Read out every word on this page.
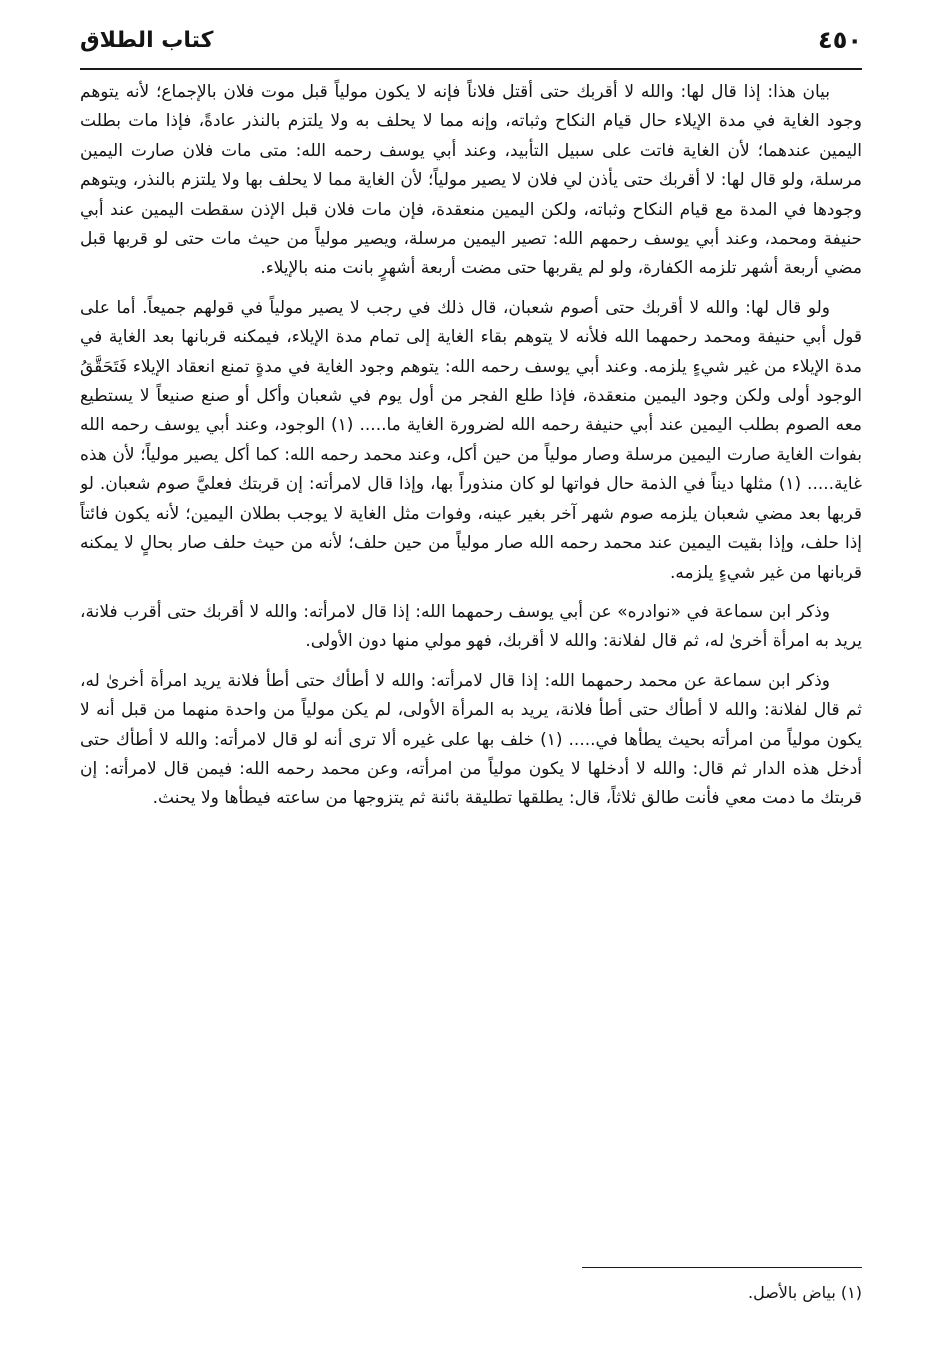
٤٥٠
كتاب الطلاق

بيان هذا: إذا قال لها: والله لا أقربك حتى أقتل فلاناً فإنه لا يكون مولياً قبل موت فلان بالإجماع؛ لأنه يتوهم وجود الغاية في مدة الإيلاء حال قيام النكاح وثباته، وإنه مما لا يحلف به ولا يلتزم بالنذر عادةً، فإذا مات بطلت اليمين عندهما؛ لأن الغاية فاتت على سبيل التأبيد، وعند أبي يوسف رحمه الله: متى مات فلان صارت اليمين مرسلة، ولو قال لها: لا أقربك حتى يأذن لي فلان لا يصير مولياً؛ لأن الغاية مما لا يحلف بها ولا يلتزم بالنذر، ويتوهم وجودها في المدة مع قيام النكاح وثباته، ولكن اليمين منعقدة، فإن مات فلان قبل الإذن سقطت اليمين عند أبي حنيفة ومحمد، وعند أبي يوسف رحمهم الله: تصير اليمين مرسلة، ويصير مولياً من حيث مات حتى لو قربها قبل مضي أربعة أشهر تلزمه الكفارة، ولو لم يقربها حتى مضت أربعة أشهرٍ بانت منه بالإيلاء.

ولو قال لها: والله لا أقربك حتى أصوم شعبان، قال ذلك في رجب لا يصير مولياً في قولهم جميعاً. أما على قول أبي حنيفة ومحمد رحمهما الله فلأنه لا يتوهم بقاء الغاية إلى تمام مدة الإيلاء، فيمكنه قربانها بعد الغاية في مدة الإيلاء من غير شيءٍ يلزمه. وعند أبي يوسف رحمه الله: يتوهم وجود الغاية في مدةٍ تمنع انعقاد الإيلاء فَتَحَقَّقُ الوجود أولى ولكن وجود اليمين منعقدة، فإذا طلع الفجر من أول يوم في شعبان وأكل أو صنع صنيعاً لا يستطيع معه الصوم بطلب اليمين عند أبي حنيفة رحمه الله لضرورة الغاية ما..... (١) الوجود، وعند أبي يوسف رحمه الله بفوات الغاية صارت اليمين مرسلة وصار مولياً من حين أكل، وعند محمد رحمه الله: كما أكل يصير مولياً؛ لأن هذه غاية..... (١) مثلها ديناً في الذمة حال فواتها لو كان منذوراً بها، وإذا قال لامرأته: إن قربتك فعليَّ صوم شعبان. لو قربها بعد مضي شعبان يلزمه صوم شهر آخر بغير عينه، وفوات مثل الغاية لا يوجب بطلان اليمين؛ لأنه يكون فائتاً إذا حلف، وإذا بقيت اليمين عند محمد رحمه الله صار مولياً من حين حلف؛ لأنه من حيث حلف صار بحالٍ لا يمكنه قربانها من غير شيءٍ يلزمه.

وذكر ابن سماعة في «نوادره» عن أبي يوسف رحمهما الله: إذا قال لامرأته: والله لا أقربك حتى أقرب فلانة، يريد به امرأة أخرىٰ له، ثم قال لفلانة: والله لا أقربك، فهو مولي منها دون الأولى.

وذكر ابن سماعة عن محمد رحمهما الله: إذا قال لامرأته: والله لا أطأك حتى أطأ فلانة يريد امرأة أخرىٰ له، ثم قال لفلانة: والله لا أطأك حتى أطأ فلانة، يريد به المرأة الأولى، لم يكن مولياً من واحدة منهما من قبل أنه لا يكون مولياً من امرأته بحيث يطأها في..... (١) خلف بها على غيره ألا ترى أنه لو قال لامرأته: والله لا أطأك حتى أدخل هذه الدار ثم قال: والله لا أدخلها لا يكون مولياً من امرأته، وعن محمد رحمه الله: فيمن قال لامرأته: إن قربتك ما دمت معي فأنت طالق ثلاثاً، قال: يطلقها تطليقة بائنة ثم يتزوجها من ساعته فيطأها ولا يحنث.

(١) بياض بالأصل.
